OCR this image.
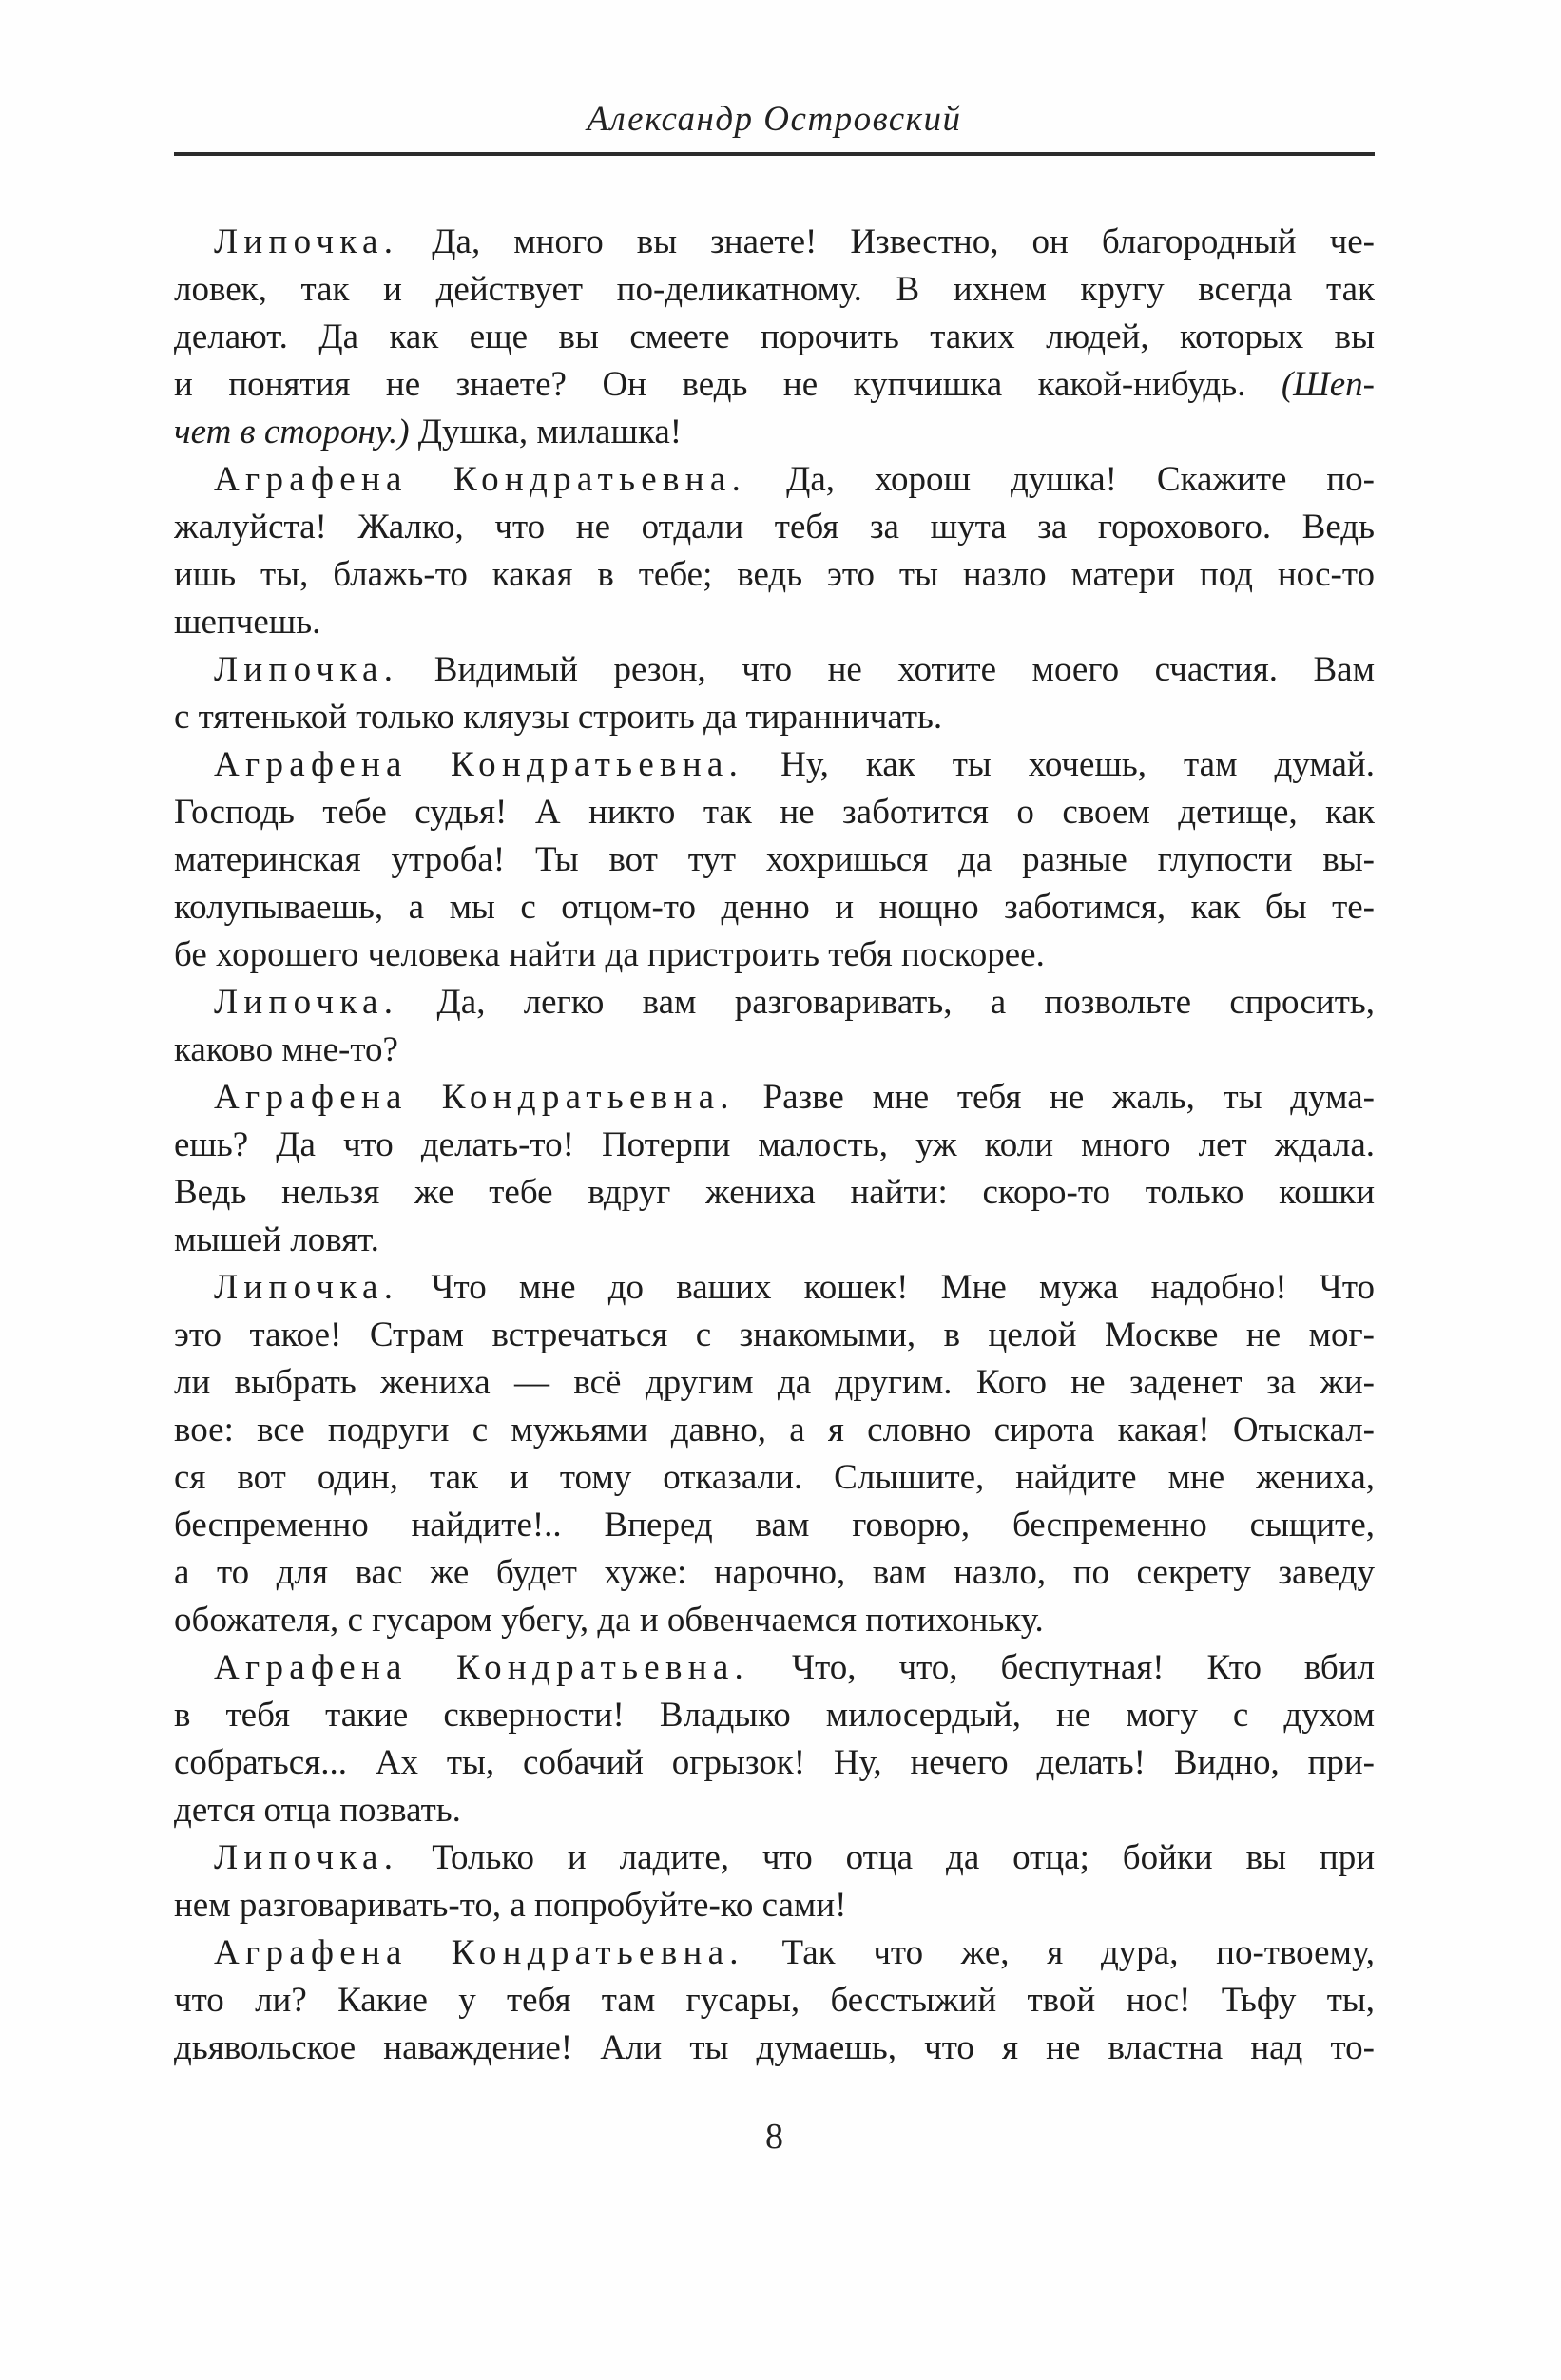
Александр Островский
Липочка. Да, много вы знаете! Известно, он благородный че-
ловек, так и действует по-деликатному. В ихнем кругу всегда так
делают. Да как еще вы смеете порочить таких людей, которых вы
и понятия не знаете? Он ведь не купчишка какой-нибудь. (Шеп-
чет в сторону.) Душка, милашка!
Аграфена Кондратьевна. Да, хорош душка! Скажите по-
жалуйста! Жалко, что не отдали тебя за шута за горохового. Ведь
ишь ты, блажь-то какая в тебе; ведь это ты назло матери под нос-то
шепчешь.
Липочка. Видимый резон, что не хотите моего счастия. Вам
с тятенькой только кляузы строить да тиранничать.
Аграфена Кондратьевна. Ну, как ты хочешь, там думай.
Господь тебе судья! А никто так не заботится о своем детище, как
материнская утроба! Ты вот тут хохришься да разные глупости вы-
колупываешь, а мы с отцом-то денно и нощно заботимся, как бы те-
бе хорошего человека найти да пристроить тебя поскорее.
Липочка. Да, легко вам разговаривать, а позвольте спросить,
каково мне-то?
Аграфена Кондратьевна. Разве мне тебя не жаль, ты дума-
ешь? Да что делать-то! Потерпи малость, уж коли много лет ждала.
Ведь нельзя же тебе вдруг жениха найти: скоро-то только кошки
мышей ловят.
Липочка. Что мне до ваших кошек! Мне мужа надобно! Что
это такое! Страм встречаться с знакомыми, в целой Москве не мог-
ли выбрать жениха — всё другим да другим. Кого не заденет за жи-
вое: все подруги с мужьями давно, а я словно сирота какая! Отыскал-
ся вот один, так и тому отказали. Слышите, найдите мне жениха,
беспременно найдите!.. Вперед вам говорю, беспременно сыщите,
а то для вас же будет хуже: нарочно, вам назло, по секрету заведу
обожателя, с гусаром убегу, да и обвенчаемся потихоньку.
Аграфена Кондратьевна. Что, что, беспутная! Кто вбил
в тебя такие скверности! Владыко милосердый, не могу с духом
собраться... Ах ты, собачий огрызок! Ну, нечего делать! Видно, при-
дется отца позвать.
Липочка. Только и ладите, что отца да отца; бойки вы при
нем разговаривать-то, а попробуйте-ко сами!
Аграфена Кондратьевна. Так что же, я дура, по-твоему,
что ли? Какие у тебя там гусары, бесстыжий твой нос! Тьфу ты,
дьявольское наваждение! Али ты думаешь, что я не властна над то-
8
